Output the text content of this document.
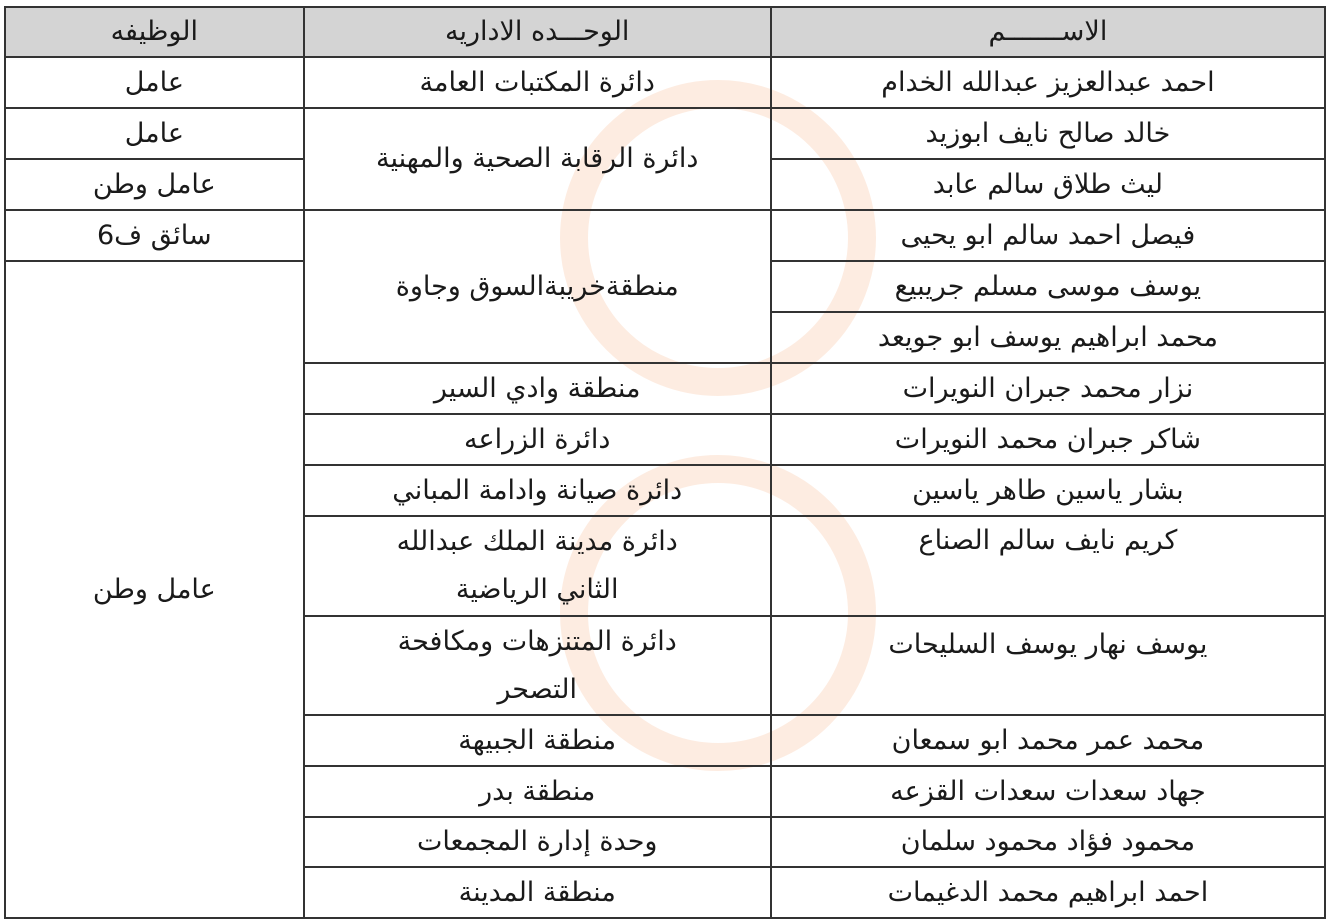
الاســـــــم	الوحـــده الاداريه	الوظيفه
احمد عبدالعزيز عبدالله الخدام	دائرة المكتبات العامة	عامل
خالد صالح نايف ابوزيد	دائرة الرقابة الصحية والمهنية	عامل
ليث طلاق سالم عابد		عامل وطن
فيصل احمد سالم ابو يحيى	منطقةخريبةالسوق وجاوة	سائق ف6
يوسف موسى مسلم جريبيع		عامل وطن
محمد ابراهيم يوسف ابو جويعد		
نزار محمد جبران النويرات	منطقة وادي السير	
شاكر جبران محمد النويرات	دائرة الزراعه	
بشار ياسين طاهر ياسين	دائرة صيانة وادامة المباني	
كريم نايف سالم الصناع	دائرة مدينة الملك عبدالله الثاني الرياضية	
يوسف نهار يوسف السليحات	دائرة المتنزهات ومكافحة التصحر	
محمد عمر محمد ابو سمعان	منطقة الجبيهة	
جهاد سعدات سعدات القزعه	منطقة بدر	
محمود فؤاد محمود سلمان	وحدة إدارة المجمعات	
احمد ابراهيم محمد الدغيمات	منطقة المدينة	
